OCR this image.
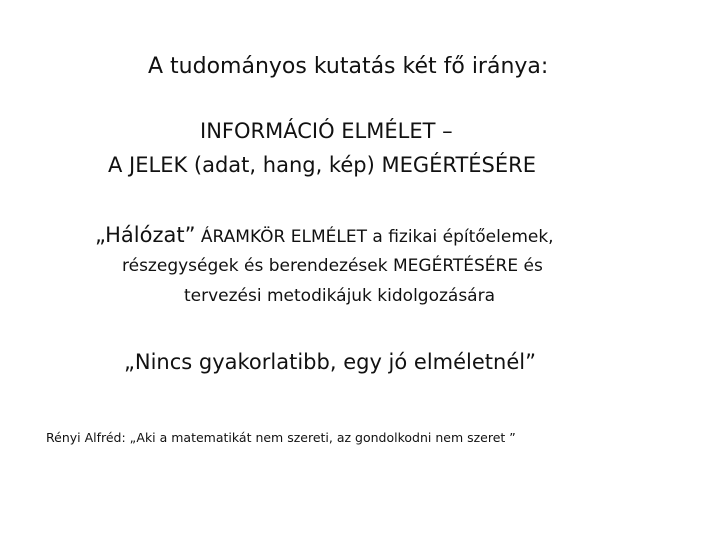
A tudományos kutatás két fő iránya:
INFORMÁCIÓ ELMÉLET –
A JELEK (adat, hang, kép) MEGÉRTÉSÉRE
„Hálózat” ÁRAMKÖR ELMÉLET a fizikai építőelemek,
részegységek és berendezések MEGÉRTÉSÉRE és
tervezési metodikájuk kidolgozására
„Nincs gyakorlatibb, egy jó elméletnél”
Rényi Alfréd: „Aki a matematikát nem szereti, az gondolkodni nem szeret ”
